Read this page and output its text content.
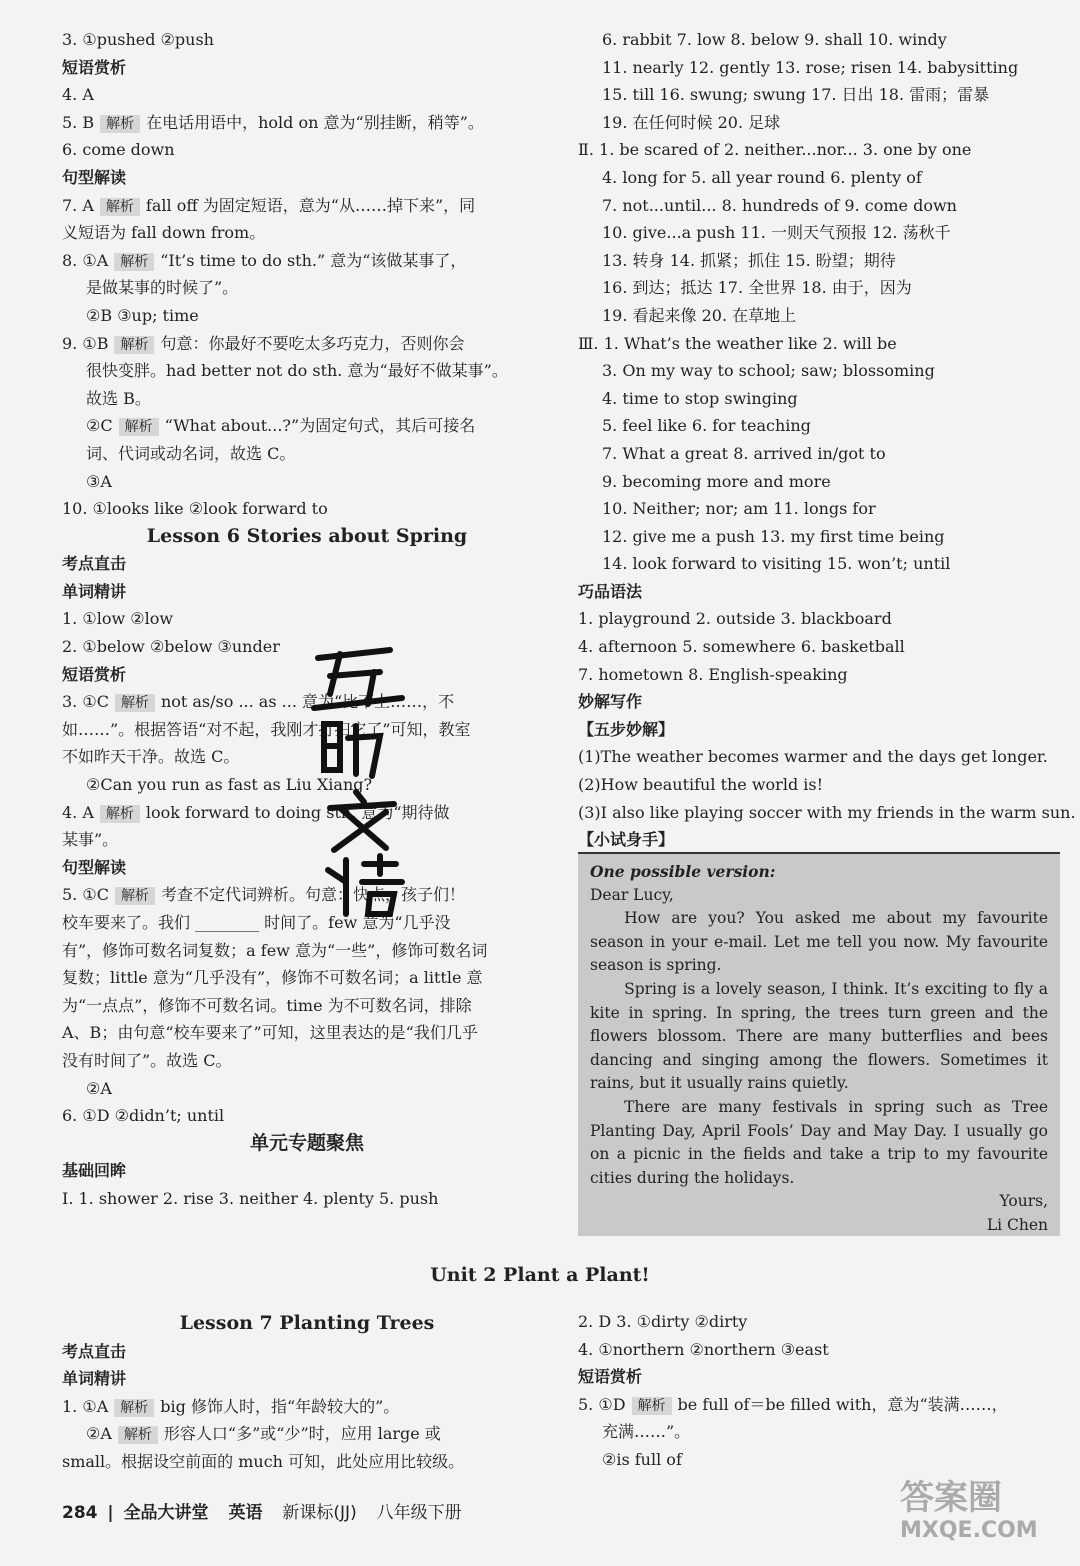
3. ①pushed ②push
短语赏析
4. A
5. B 解析 在电话用语中，hold on 意为“别挂断，稍等”。
6. come down
句型解读
7. A 解析 fall off 为固定短语，意为“从……掉下来”，同
义短语为 fall down from。
8. ①A 解析 “It’s time to do sth.” 意为“该做某事了，
是做某事的时候了”。
②B ③up; time
9. ①B 解析 句意：你最好不要吃太多巧克力，否则你会
很快变胖。had better not do sth. 意为“最好不做某事”。
故选 B。
②C 解析 “What about...?”为固定句式，其后可接名
词、代词或动名词，故选 C。
③A
10. ①looks like ②look forward to
Lesson 6 Stories about Spring
考点直击
单词精讲
1. ①low ②low
2. ①below ②below ③under
短语赏析
3. ①C 解析 not as/so ... as ... 意为“比不上……，不
如……”。根据答语“对不起，我刚才打扫它了”可知，教室
不如昨天干净。故选 C。
②Can you run as fast as Liu Xiang?
4. A 解析 look forward to doing sth. 意为“期待做
某事”。
句型解读
5. ①C 解析 考查不定代词辨析。句意：快点，孩子们！
校车要来了。我们 ________ 时间了。few 意为“几乎没
有”，修饰可数名词复数；a few 意为“一些”，修饰可数名词
复数；little 意为“几乎没有”，修饰不可数名词；a little 意
为“一点点”，修饰不可数名词。time 为不可数名词，排除
A、B；由句意“校车要来了”可知，这里表达的是“我们几乎
没有时间了”。故选 C。
②A
6. ①D ②didn’t; until
单元专题聚焦
基础回眸
Ⅰ. 1. shower 2. rise 3. neither 4. plenty 5. push
6. rabbit 7. low 8. below 9. shall 10. windy
11. nearly 12. gently 13. rose; risen 14. babysitting
15. till 16. swung; swung 17. 日出 18. 雷雨；雷暴
19. 在任何时候 20. 足球
Ⅱ. 1. be scared of 2. neither...nor... 3. one by one
4. long for 5. all year round 6. plenty of
7. not...until... 8. hundreds of 9. come down
10. give...a push 11. 一则天气预报 12. 荡秋千
13. 转身 14. 抓紧；抓住 15. 盼望；期待
16. 到达；抵达 17. 全世界 18. 由于，因为
19. 看起来像 20. 在草地上
Ⅲ. 1. What’s the weather like 2. will be
3. On my way to school; saw; blossoming
4. time to stop swinging
5. feel like 6. for teaching
7. What a great 8. arrived in/got to
9. becoming more and more
10. Neither; nor; am 11. longs for
12. give me a push 13. my first time being
14. look forward to visiting 15. won’t; until
巧品语法
1. playground 2. outside 3. blackboard
4. afternoon 5. somewhere 6. basketball
7. hometown 8. English-speaking
妙解写作
【五步妙解】
(1)The weather becomes warmer and the days get longer.
(2)How beautiful the world is!
(3)I also like playing soccer with my friends in the warm sun.
【小试身手】
One possible version:
Dear Lucy,
How are you? You asked me about my favourite season in your e-mail. Let me tell you now. My favourite season is spring.
Spring is a lovely season, I think. It’s exciting to fly a kite in spring. In spring, the trees turn green and the flowers blossom. There are many butterflies and bees dancing and singing among the flowers. Sometimes it rains, but it usually rains quietly.
There are many festivals in spring such as Tree Planting Day, April Fools’ Day and May Day. I usually go on a picnic in the fields and take a trip to my favourite cities during the holidays.
Yours,
Li Chen
Unit 2 Plant a Plant!
Lesson 7 Planting Trees
考点直击
单词精讲
1. ①A 解析 big 修饰人时，指“年龄较大的”。
②A 解析 形容人口“多”或“少”时，应用 large 或
small。根据设空前面的 much 可知，此处应用比较级。
2. D 3. ①dirty ②dirty
4. ①northern ②northern ③east
短语赏析
5. ①D 解析 be full of＝be filled with，意为“装满……，
充满……”。
②is full of
284 | 全品大讲堂 英语 新课标(JJ) 八年级下册	答案圈
MXQE.COM
